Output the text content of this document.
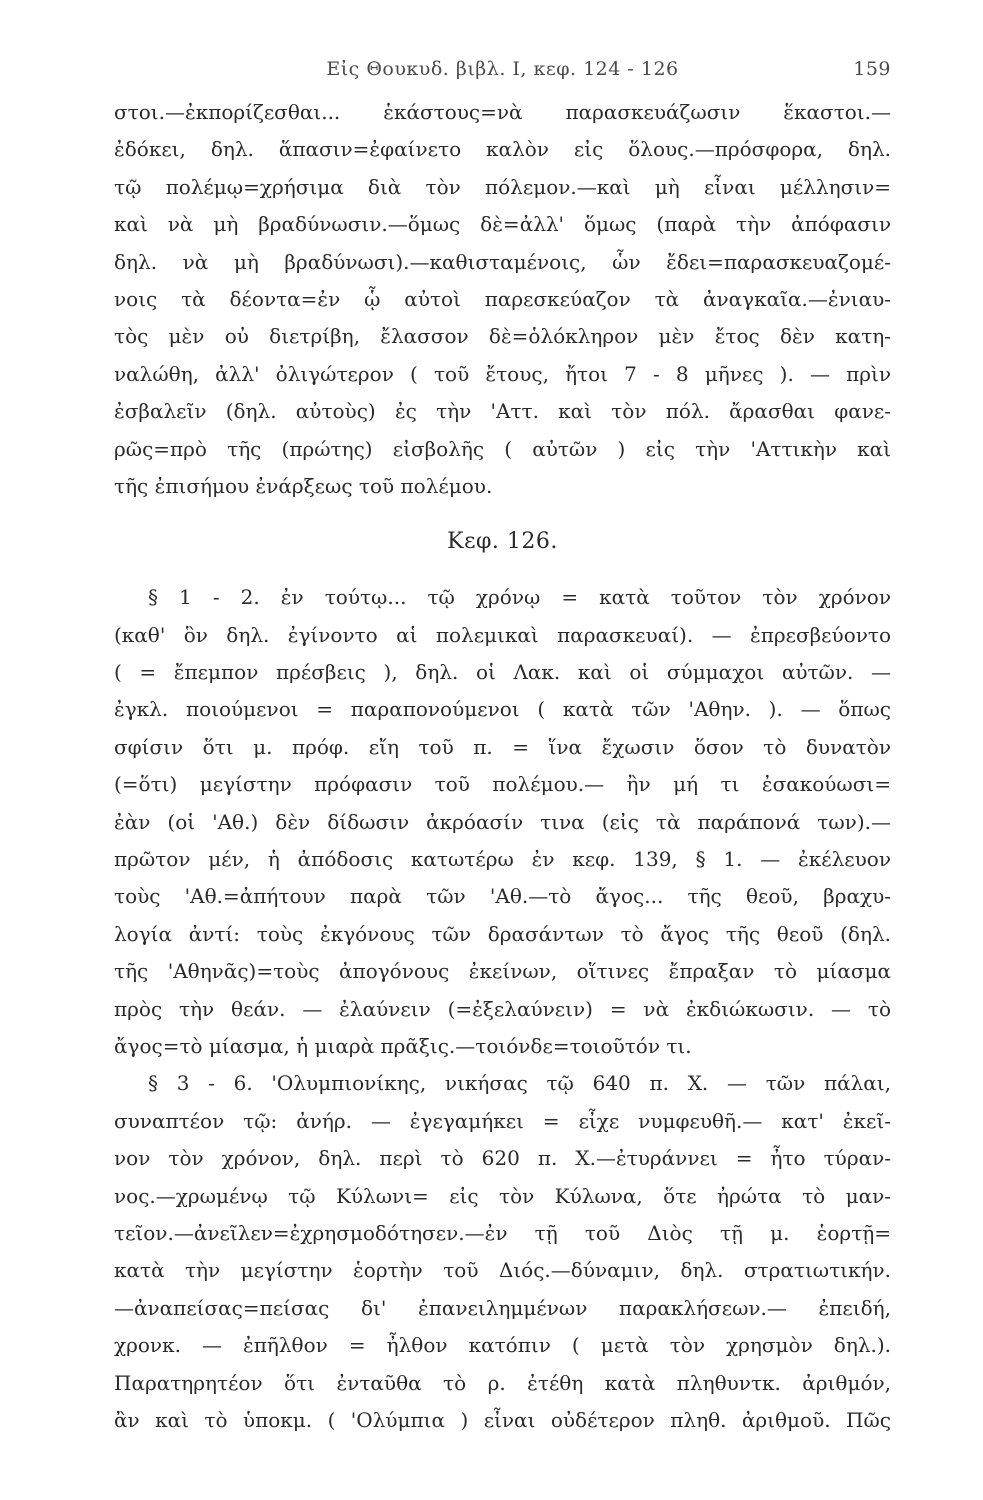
Εἰς Θουκυδ. βιβλ. Ι, κεφ. 124 - 126	159
στοι.—ἐκπορίζεσθαι... ἑκάστους=νὰ παρασκευάζωσιν ἕκαστοι.—
ἐδόκει, δηλ. ἅπασιν=ἐφαίνετο καλὸν εἰς ὅλους.—πρόσφορα, δηλ.
τῷ πολέμῳ=χρήσιμα διὰ τὸν πόλεμον.—καὶ μὴ εἶναι μέλλησιν=
καὶ νὰ μὴ βραδύνωσιν.—ὅμως δὲ=ἀλλ' ὅμως (παρὰ τὴν ἀπόφασιν
δηλ. νὰ μὴ βραδύνωσι).—καθισταμένοις, ὧν ἔδει=παρασκευαζομέ-
νοις τὰ δέοντα=ἐν ᾧ αὐτοὶ παρεσκεύαζον τὰ ἀναγκαῖα.—ἐνιαυ-
τὸς μὲν οὐ διετρίβη, ἔλασσον δὲ=ὁλόκληρον μὲν ἔτος δὲν κατη-
ναλώθη, ἀλλ' ὀλιγώτερον ( τοῦ ἔτους, ἤτοι 7 - 8 μῆνες ). — πρὶν
ἐσβαλεῖν (δηλ. αὐτοὺς) ἐς τὴν 'Αττ. καὶ τὸν πόλ. ἄρασθαι φανε-
ρῶς=πρὸ τῆς (πρώτης) εἰσβολῆς ( αὐτῶν ) εἰς τὴν 'Αττικὴν καὶ
τῆς ἐπισήμου ἐνάρξεως τοῦ πολέμου.
Κεφ. 126.
§ 1 - 2. ἐν τούτῳ... τῷ χρόνῳ = κατὰ τοῦτον τὸν χρόνον
(καθ' ὃν δηλ. ἐγίνοντο αἱ πολεμικαὶ παρασκευαί). — ἐπρεσβεύοντο
( = ἔπεμπον πρέσβεις ), δηλ. οἱ Λακ. καὶ οἱ σύμμαχοι αὐτῶν. —
ἐγκλ. ποιούμενοι = παραπονούμενοι ( κατὰ τῶν 'Αθην. ). — ὅπως
σφίσιν ὅτι μ. πρόφ. εἴη τοῦ π. = ἵνα ἔχωσιν ὅσον τὸ δυνατὸν
(=ὅτι) μεγίστην πρόφασιν τοῦ πολέμου.— ἢν μή τι ἐσακούωσι=
ἐὰν (οἱ 'Αθ.) δὲν δίδωσιν ἀκρόασίν τινα (εἰς τὰ παράπονά των).—
πρῶτον μέν, ἡ ἀπόδοσις κατωτέρω ἐν κεφ. 139, § 1. — ἐκέλευον
τοὺς 'Αθ.=ἀπήτουν παρὰ τῶν 'Αθ.—τὸ ἄγος... τῆς θεοῦ, βραχυ-
λογία ἀντί: τοὺς ἐκγόνους τῶν δρασάντων τὸ ἄγος τῆς θεοῦ (δηλ.
τῆς 'Αθηνᾶς)=τοὺς ἀπογόνους ἐκείνων, οἵτινες ἔπραξαν τὸ μίασμα
πρὸς τὴν θεάν. — ἐλαύνειν (=ἐξελαύνειν) = νὰ ἐκδιώκωσιν. — τὸ
ἄγος=τὸ μίασμα, ἡ μιαρὰ πρᾶξις.—τοιόνδε=τοιοῦτόν τι.
§ 3 - 6. 'Ολυμπιονίκης, νικήσας τῷ 640 π. Χ. — τῶν πάλαι,
συναπτέον τῷ: ἀνήρ. — ἐγεγαμήκει = εἶχε νυμφευθῆ.— κατ' ἐκεῖ-
νον τὸν χρόνον, δηλ. περὶ τὸ 620 π. Χ.—ἐτυράννει = ἦτο τύραν-
νος.—χρωμένῳ τῷ Κύλωνι= εἰς τὸν Κύλωνα, ὅτε ἠρώτα τὸ μαν-
τεῖον.—ἀνεῖλεν=ἐχρησμοδότησεν.—ἐν τῇ τοῦ Διὸς τῇ μ. ἑορτῇ=
κατὰ τὴν μεγίστην ἑορτὴν τοῦ Διός.—δύναμιν, δηλ. στρατιωτικήν.
—ἀναπείσας=πείσας δι' ἐπανειλημμένων παρακλήσεων.— ἐπειδή,
χρονκ. — ἐπῆλθον = ἦλθον κατόπιν ( μετὰ τὸν χρησμὸν δηλ.).
Παρατηρητέον ὅτι ἐνταῦθα τὸ ρ. ἐτέθη κατὰ πληθυντκ. ἀριθμόν,
ἂν καὶ τὸ ὑποκμ. ( 'Ολύμπια ) εἶναι οὐδέτερον πληθ. ἀριθμοῦ. Πῶς
